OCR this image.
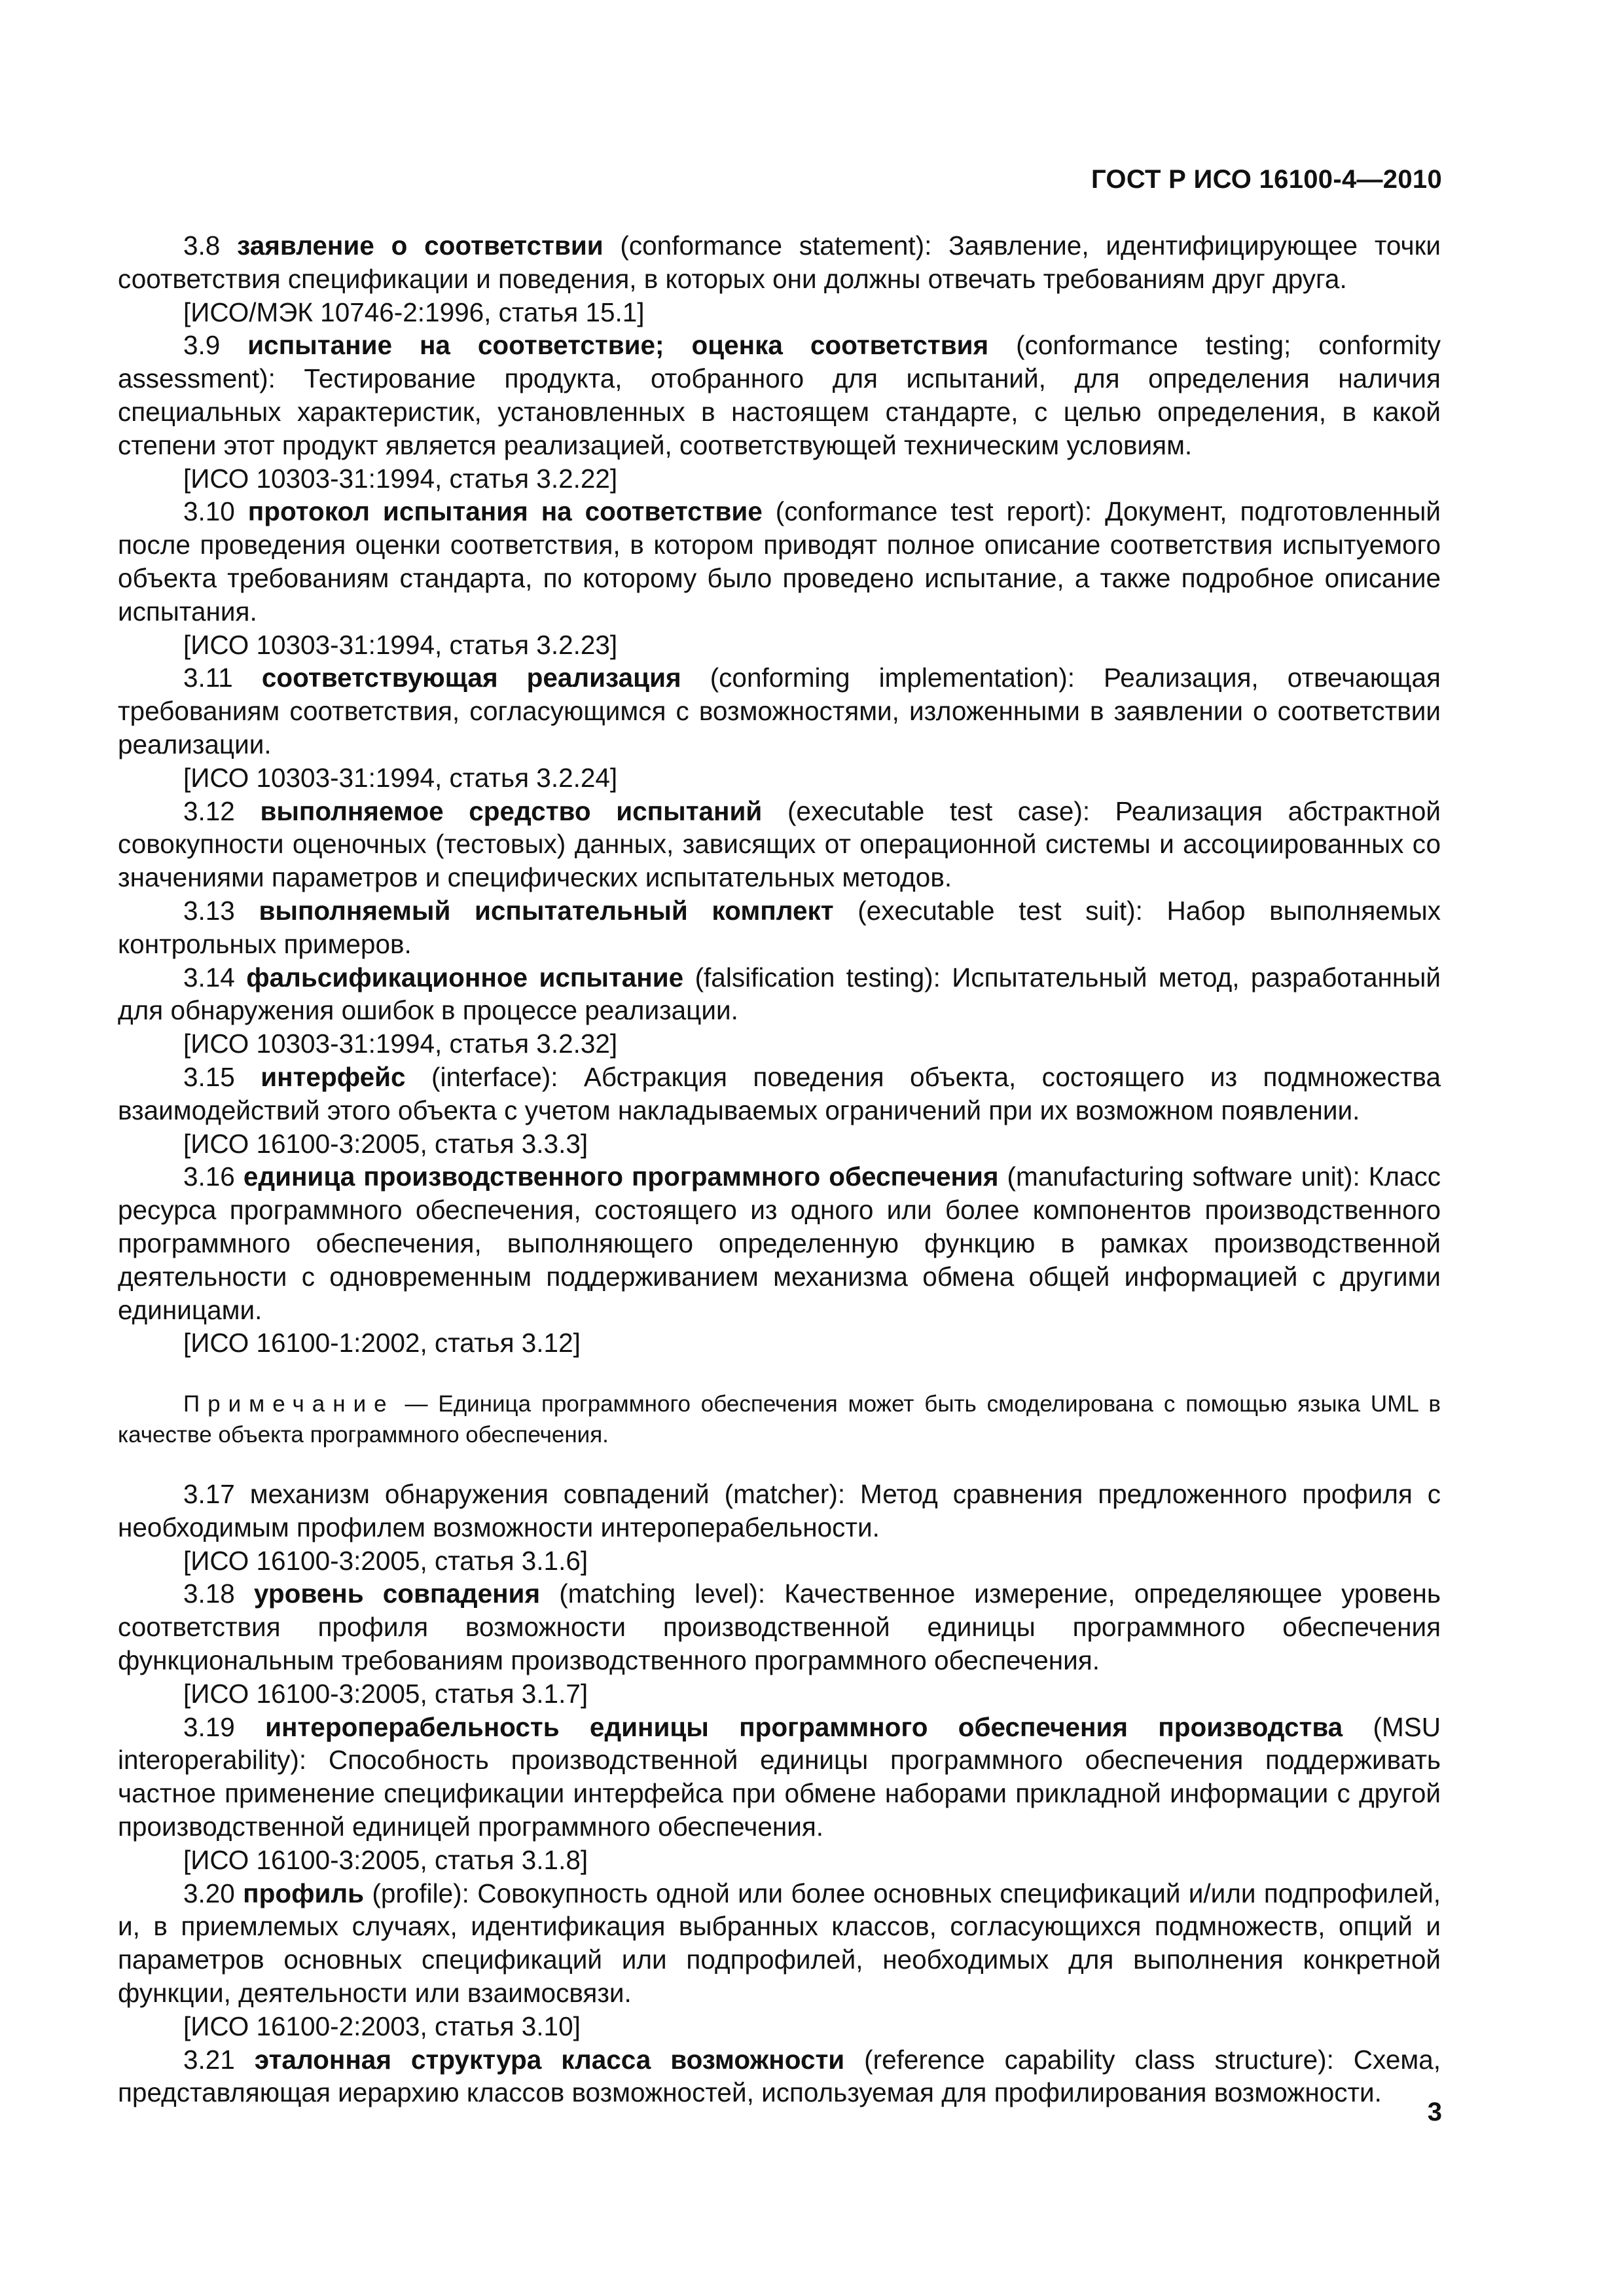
ГОСТ Р ИСО 16100-4—2010

3.8 заявление о соответствии (conformance statement): Заявление, идентифицирующее точки соответствия спецификации и поведения, в которых они должны отвечать требованиям друг друга.

[ИСО/МЭК 10746-2:1996, статья 15.1]

3.9 испытание на соответствие; оценка соответствия (conformance testing; conformity assessment): Тестирование продукта, отобранного для испытаний, для определения наличия специальных характеристик, установленных в настоящем стандарте, с целью определения, в какой степени этот продукт является реализацией, соответствующей техническим условиям.

[ИСО 10303-31:1994, статья 3.2.22]

3.10 протокол испытания на соответствие (conformance test report): Документ, подготовленный после проведения оценки соответствия, в котором приводят полное описание соответствия испытуемого объекта требованиям стандарта, по которому было проведено испытание, а также подробное описание испытания.

[ИСО 10303-31:1994, статья 3.2.23]

3.11 соответствующая реализация (conforming implementation): Реализация, отвечающая требованиям соответствия, согласующимся с возможностями, изложенными в заявлении о соответствии реализации.

[ИСО 10303-31:1994, статья 3.2.24]

3.12 выполняемое средство испытаний (executable test case): Реализация абстрактной совокупности оценочных (тестовых) данных, зависящих от операционной системы и ассоциированных со значениями параметров и специфических испытательных методов.

3.13 выполняемый испытательный комплект (executable test suit): Набор выполняемых контрольных примеров.

3.14 фальсификационное испытание (falsification testing): Испытательный метод, разработанный для обнаружения ошибок в процессе реализации.

[ИСО 10303-31:1994, статья 3.2.32]

3.15 интерфейс (interface): Абстракция поведения объекта, состоящего из подмножества взаимодействий этого объекта с учетом накладываемых ограничений при их возможном появлении.

[ИСО 16100-3:2005, статья 3.3.3]

3.16 единица производственного программного обеспечения (manufacturing software unit): Класс ресурса программного обеспечения, состоящего из одного или более компонентов производственного программного обеспечения, выполняющего определенную функцию в рамках производственной деятельности с одновременным поддерживанием механизма обмена общей информацией с другими единицами.

[ИСО 16100-1:2002, статья 3.12]

Примечание — Единица программного обеспечения может быть смоделирована с помощью языка UML в качестве объекта программного обеспечения.

3.17 механизм обнаружения совпадений (matcher): Метод сравнения предложенного профиля с необходимым профилем возможности интероперабельности.

[ИСО 16100-3:2005, статья 3.1.6]

3.18 уровень совпадения (matching level): Качественное измерение, определяющее уровень соответствия профиля возможности производственной единицы программного обеспечения функциональным требованиям производственного программного обеспечения.

[ИСО 16100-3:2005, статья 3.1.7]

3.19 интероперабельность единицы программного обеспечения производства (MSU interoperability): Способность производственной единицы программного обеспечения поддерживать частное применение спецификации интерфейса при обмене наборами прикладной информации с другой производственной единицей программного обеспечения.

[ИСО 16100-3:2005, статья 3.1.8]

3.20 профиль (profile): Совокупность одной или более основных спецификаций и/или подпрофилей, и, в приемлемых случаях, идентификация выбранных классов, согласующихся подмножеств, опций и параметров основных спецификаций или подпрофилей, необходимых для выполнения конкретной функции, деятельности или взаимосвязи.

[ИСО 16100-2:2003, статья 3.10]

3.21 эталонная структура класса возможности (reference capability class structure): Схема, представляющая иерархию классов возможностей, используемая для профилирования возможности.

3
